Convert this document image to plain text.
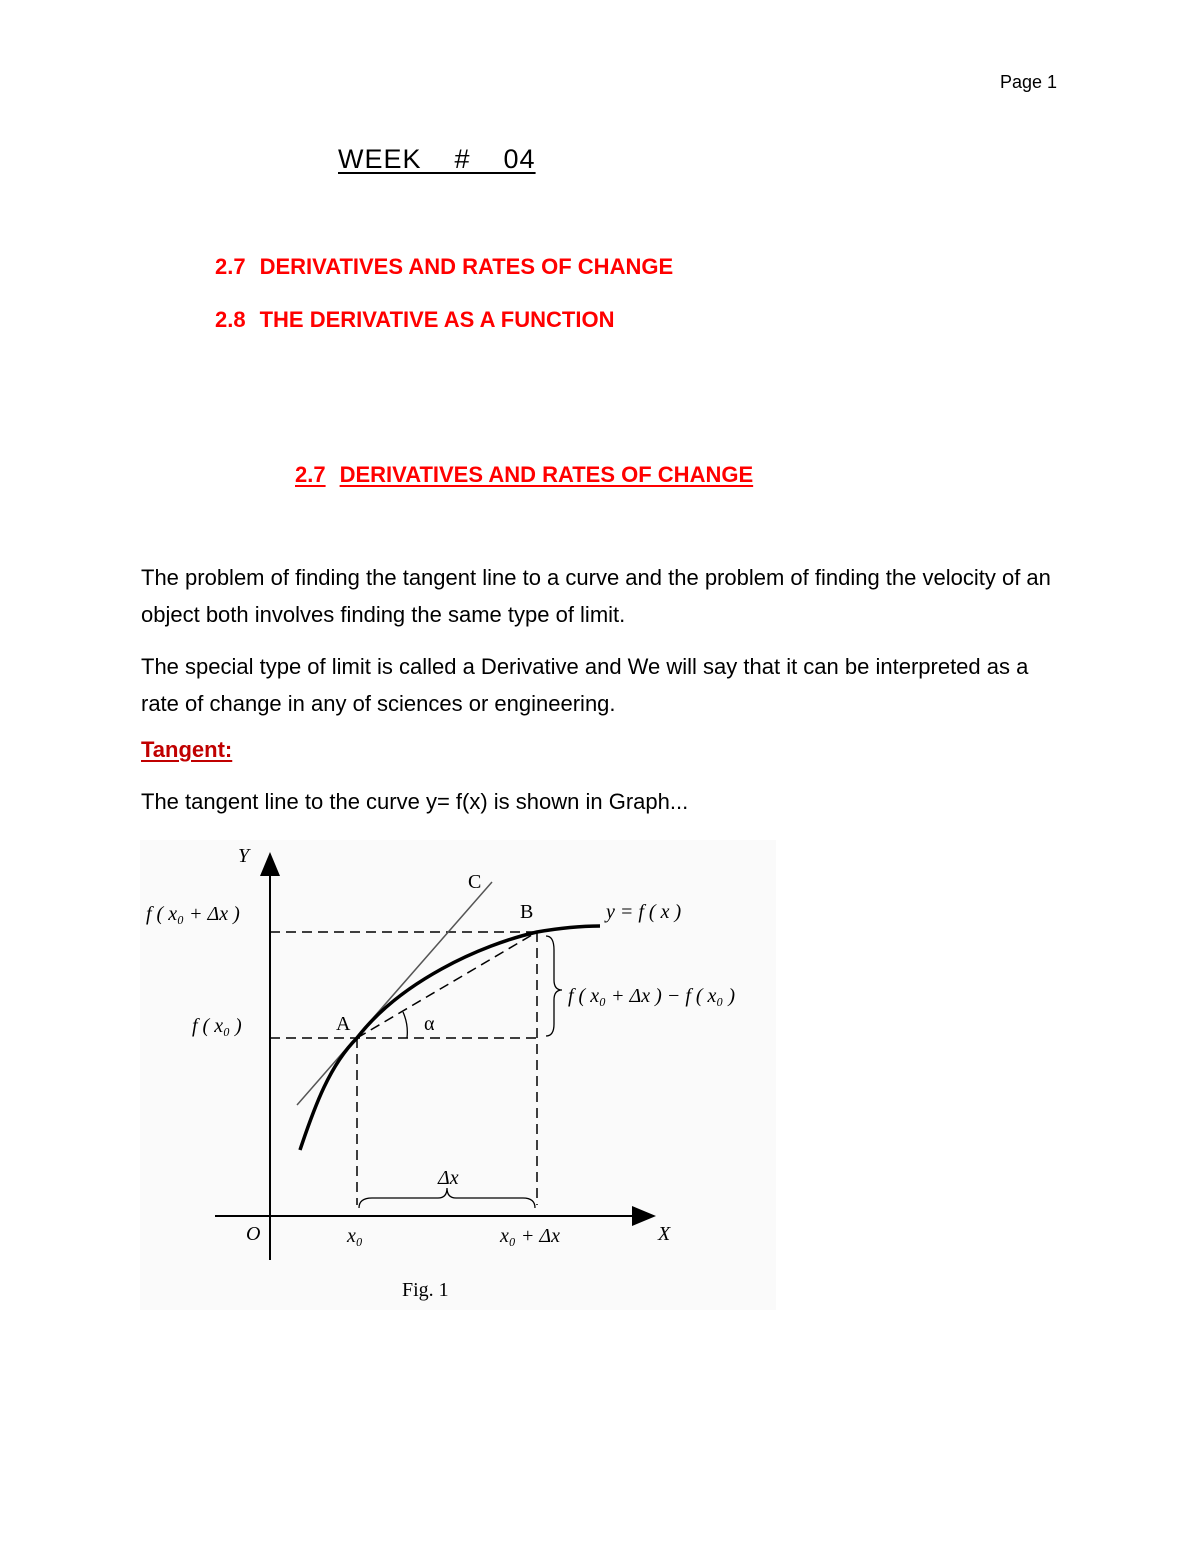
Page 1
WEEK  #  04
2.7 DERIVATIVES AND RATES OF CHANGE
2.8 THE DERIVATIVE AS A FUNCTION
2.7 DERIVATIVES AND RATES OF CHANGE
The problem of finding the tangent line to a curve and the problem of finding the velocity of an object both involves finding the same type of limit.
The special type of limit is called a Derivative and We will say that it can be interpreted as a rate of change in any of sciences or engineering.
Tangent:
The tangent line to the curve y= f(x) is shown in Graph...
Y
X
O
f ( x₀ + Δx )
f ( x₀ )
x₀	x₀ + Δx
A
B
C
y = f ( x )
α
Δx
f ( x₀ + Δx ) − f ( x₀ )
Fig. 1
